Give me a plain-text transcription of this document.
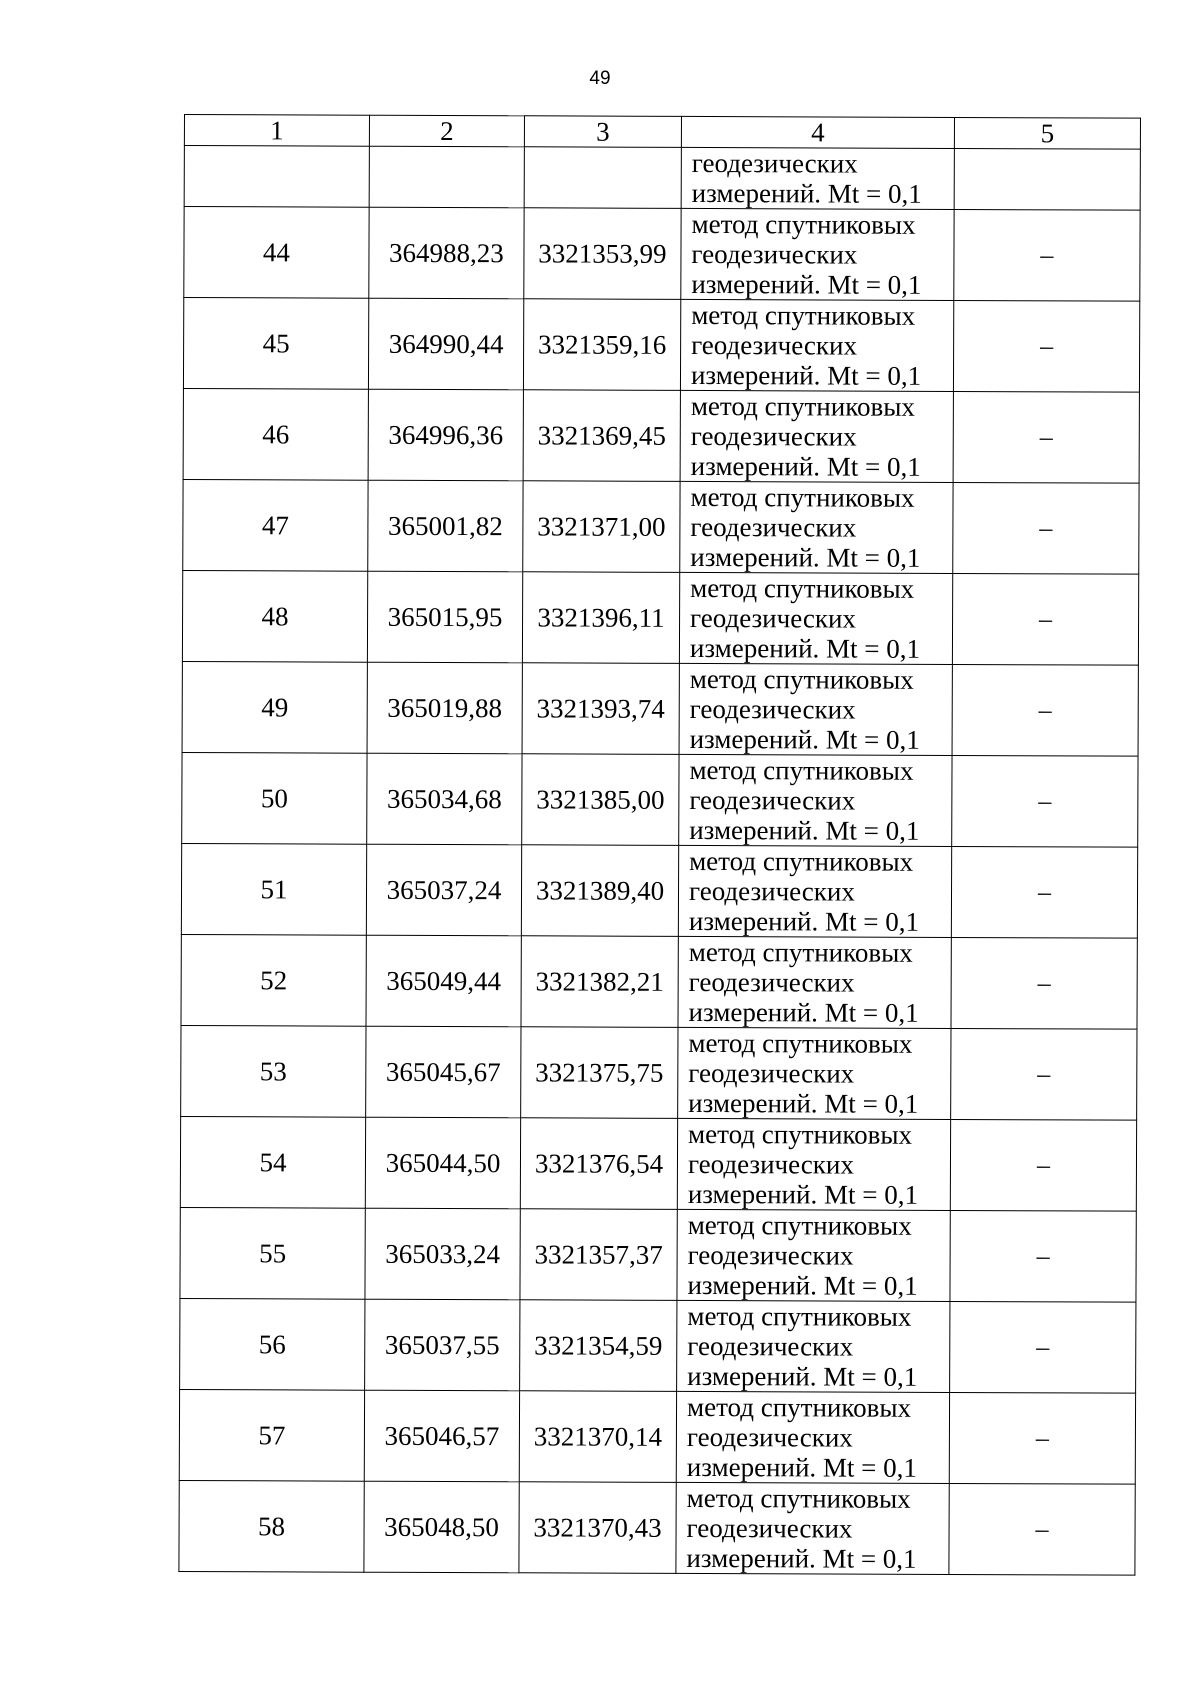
49
1	2	3	4	5

			геодезических
измерений. Mt = 0,1	

44	364988,23	3321353,99	метод спутниковых
геодезических
измерений. Mt = 0,1	–
45	364990,44	3321359,16	метод спутниковых
геодезических
измерений. Mt = 0,1	–
46	364996,36	3321369,45	метод спутниковых
геодезических
измерений. Mt = 0,1	–
47	365001,82	3321371,00	метод спутниковых
геодезических
измерений. Mt = 0,1	–
48	365015,95	3321396,11	метод спутниковых
геодезических
измерений. Mt = 0,1	–
49	365019,88	3321393,74	метод спутниковых
геодезических
измерений. Mt = 0,1	–
50	365034,68	3321385,00	метод спутниковых
геодезических
измерений. Mt = 0,1	–
51	365037,24	3321389,40	метод спутниковых
геодезических
измерений. Mt = 0,1	–
52	365049,44	3321382,21	метод спутниковых
геодезических
измерений. Mt = 0,1	–
53	365045,67	3321375,75	метод спутниковых
геодезических
измерений. Mt = 0,1	–
54	365044,50	3321376,54	метод спутниковых
геодезических
измерений. Mt = 0,1	–
55	365033,24	3321357,37	метод спутниковых
геодезических
измерений. Mt = 0,1	–
56	365037,55	3321354,59	метод спутниковых
геодезических
измерений. Mt = 0,1	–
57	365046,57	3321370,14	метод спутниковых
геодезических
измерений. Mt = 0,1	–
58	365048,50	3321370,43	метод спутниковых
геодезических
измерений. Mt = 0,1	–
